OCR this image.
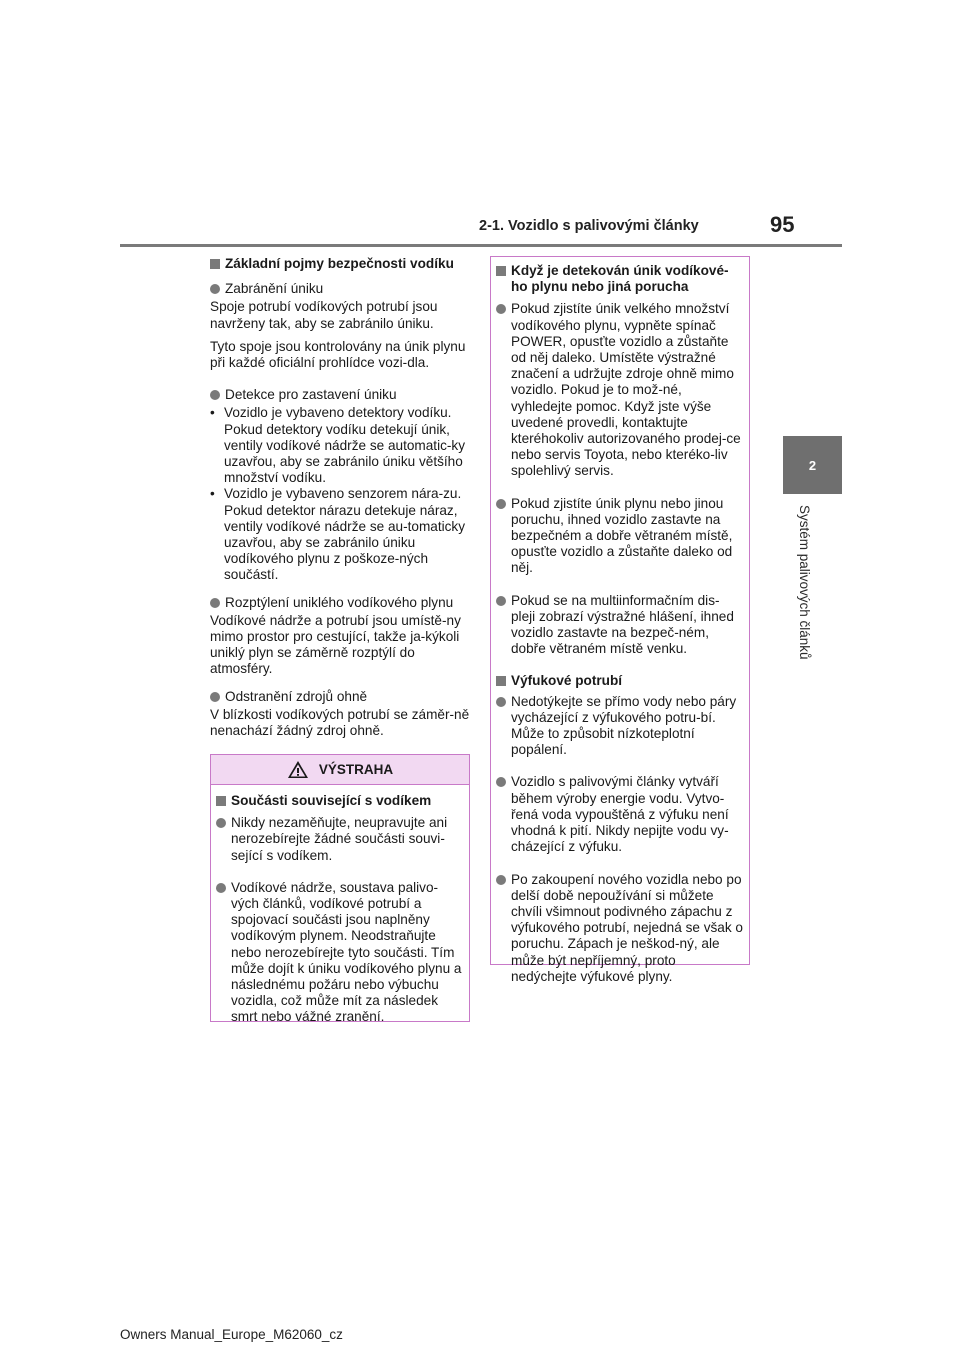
2-1. Vozidlo s palivovými články	95
2
Systém palivových článků
Základní pojmy bezpečnosti vodíku
Zabránění úniku
Spoje potrubí vodíkových potrubí jsou navrženy tak, aby se zabránilo úniku.
Tyto spoje jsou kontrolovány na únik plynu při každé oficiální prohlídce vozi-dla.
Detekce pro zastavení úniku
• Vozidlo je vybaveno detektory vodíku. Pokud detektory vodíku detekují únik, ventily vodíkové nádrže se automatic-ky uzavřou, aby se zabránilo úniku většího množství vodíku.
• Vozidlo je vybaveno senzorem nára-zu. Pokud detektor nárazu detekuje náraz, ventily vodíkové nádrže se au-tomaticky uzavřou, aby se zabránilo úniku vodíkového plynu z poškoze-ných součástí.
Rozptýlení uniklého vodíkového plynu
Vodíkové nádrže a potrubí jsou umístě-ny mimo prostor pro cestující, takže ja-kýkoli uniklý plyn se záměrně rozptýlí do atmosféry.
Odstranění zdrojů ohně
V blízkosti vodíkových potrubí se záměr-ně nenachází žádný zdroj ohně.
VÝSTRAHA
Součásti související s vodíkem
Nikdy nezaměňujte, neupravujte ani nerozebírejte žádné součásti souvi-sející s vodíkem.
Vodíkové nádrže, soustava palivo-vých článků, vodíkové potrubí a spojovací součásti jsou naplněny vodíkovým plynem. Neodstraňujte nebo nerozebírejte tyto součásti. Tím může dojít k úniku vodíkového plynu a následnému požáru nebo výbuchu vozidla, což může mít za následek smrt nebo vážné zranění.
Když je detekován únik vodíkové-ho plynu nebo jiná porucha
Pokud zjistíte únik velkého množství vodíkového plynu, vypněte spínač POWER, opusťte vozidlo a zůstaňte od něj daleko. Umístěte výstražné značení a udržujte zdroje ohně mimo vozidlo. Pokud je to mož-né, vyhledejte pomoc. Když jste výše uvedené provedli, kontaktujte kteréhokoliv autorizovaného prodej-ce nebo servis Toyota, nebo kteréko-liv spolehlivý servis.
Pokud zjistíte únik plynu nebo jinou poruchu, ihned vozidlo zastavte na bezpečném a dobře větraném místě, opusťte vozidlo a zůstaňte daleko od něj.
Pokud se na multiinformačním dis-pleji zobrazí výstražné hlášení, ihned vozidlo zastavte na bezpeč-ném, dobře větraném místě venku.
Výfukové potrubí
Nedotýkejte se přímo vody nebo páry vycházející z výfukového potru-bí. Může to způsobit nízkoteplotní popálení.
Vozidlo s palivovými články vytváří během výroby energie vodu. Vytvo-řená voda vypouštěná z výfuku není vhodná k pití. Nikdy nepijte vodu vy-cházející z výfuku.
Po zakoupení nového vozidla nebo po delší době nepoužívání si můžete chvíli všimnout podivného zápachu z výfukového potrubí, nejedná se však o poruchu. Zápach je neškod-ný, ale může být nepříjemný, proto nedýchejte výfukové plyny.
Owners Manual_Europe_M62060_cz
